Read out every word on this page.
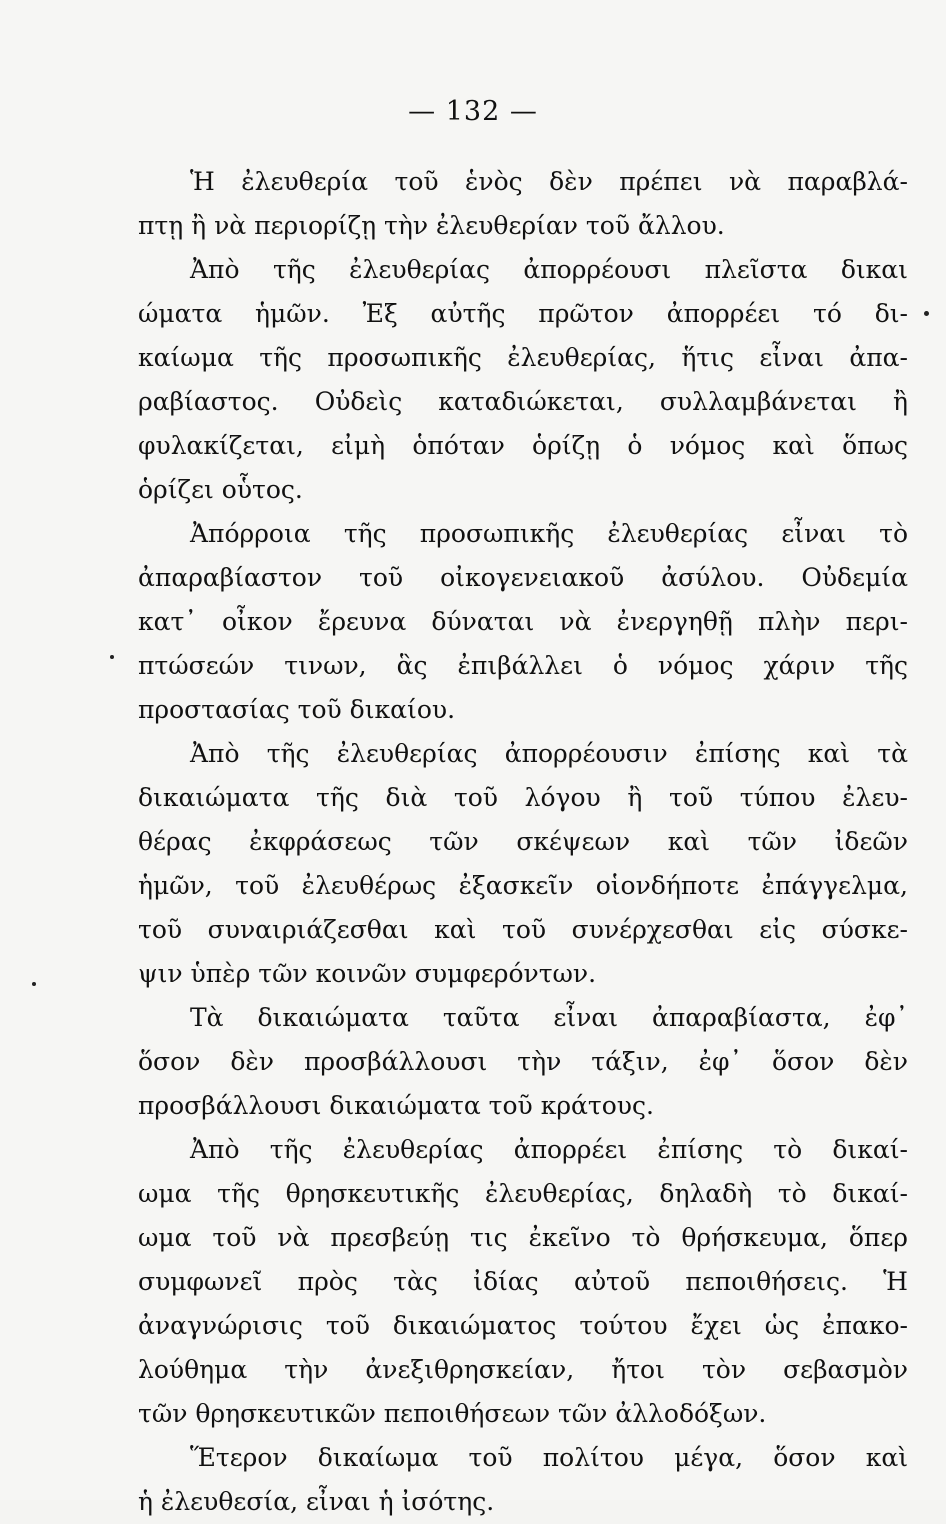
— 132 —
Ἡ ἐλευθερία τοῦ ἑνὸς δὲν πρέπει νὰ παραβλά-
πτῃ ἢ νὰ περιορίζῃ τὴν ἐλευθερίαν τοῦ ἄλλου.
Ἀπὸ τῆς ἐλευθερίας ἀπορρέουσι πλεῖστα δικαι
ώματα ἡμῶν. Ἐξ αὐτῆς πρῶτον ἀπορρέει τό δι-
καίωμα τῆς προσωπικῆς ἐλευθερίας, ἥτις εἶναι ἀπα-
ραβίαστος. Οὐδεὶς καταδιώκεται, συλλαμβάνεται ἢ
φυλακίζεται, εἰμὴ ὁπόταν ὁρίζῃ ὁ νόμος καὶ ὅπως
ὁρίζει οὗτος.
Ἀπόρροια τῆς προσωπικῆς ἐλευθερίας εἶναι τὸ
ἀπαραβίαστον τοῦ οἰκογενειακοῦ ἀσύλου. Οὐδεμία
κατ᾽ οἶκον ἔρευνα δύναται νὰ ἐνεργηθῇ πλὴν περι-
πτώσεών τινων, ἃς ἐπιβάλλει ὁ νόμος χάριν τῆς
προστασίας τοῦ δικαίου.
Ἀπὸ τῆς ἐλευθερίας ἀπορρέουσιν ἐπίσης καὶ τὰ
δικαιώματα τῆς διὰ τοῦ λόγου ἢ τοῦ τύπου ἐλευ-
θέρας ἐκφράσεως τῶν σκέψεων καὶ τῶν ἰδεῶν
ἡμῶν, τοῦ ἐλευθέρως ἐξασκεῖν οἱονδήποτε ἐπάγγελμα,
τοῦ συναιριάζεσθαι καὶ τοῦ συνέρχεσθαι εἰς σύσκε-
ψιν ὑπὲρ τῶν κοινῶν συμφερόντων.
Τὰ δικαιώματα ταῦτα εἶναι ἀπαραβίαστα, ἐφ᾽
ὅσον δὲν προσβάλλουσι τὴν τάξιν, ἐφ᾽ ὅσον δὲν
προσβάλλουσι δικαιώματα τοῦ κράτους.
Ἀπὸ τῆς ἐλευθερίας ἀπορρέει ἐπίσης τὸ δικαί-
ωμα τῆς θρησκευτικῆς ἐλευθερίας, δηλαδὴ τὸ δικαί-
ωμα τοῦ νὰ πρεσβεύῃ τις ἐκεῖνο τὸ θρήσκευμα, ὅπερ
συμφωνεῖ πρὸς τὰς ἰδίας αὐτοῦ πεποιθήσεις. Ἡ
ἀναγνώρισις τοῦ δικαιώματος τούτου ἔχει ὡς ἐπακο-
λούθημα τὴν ἀνεξιθρησκείαν, ἤτοι τὸν σεβασμὸν
τῶν θρησκευτικῶν πεποιθήσεων τῶν ἀλλοδόξων.
Ἕτερον δικαίωμα τοῦ πολίτου μέγα, ὅσον καὶ
ἡ ἐλευθεσία, εἶναι ἡ ἰσότης.
